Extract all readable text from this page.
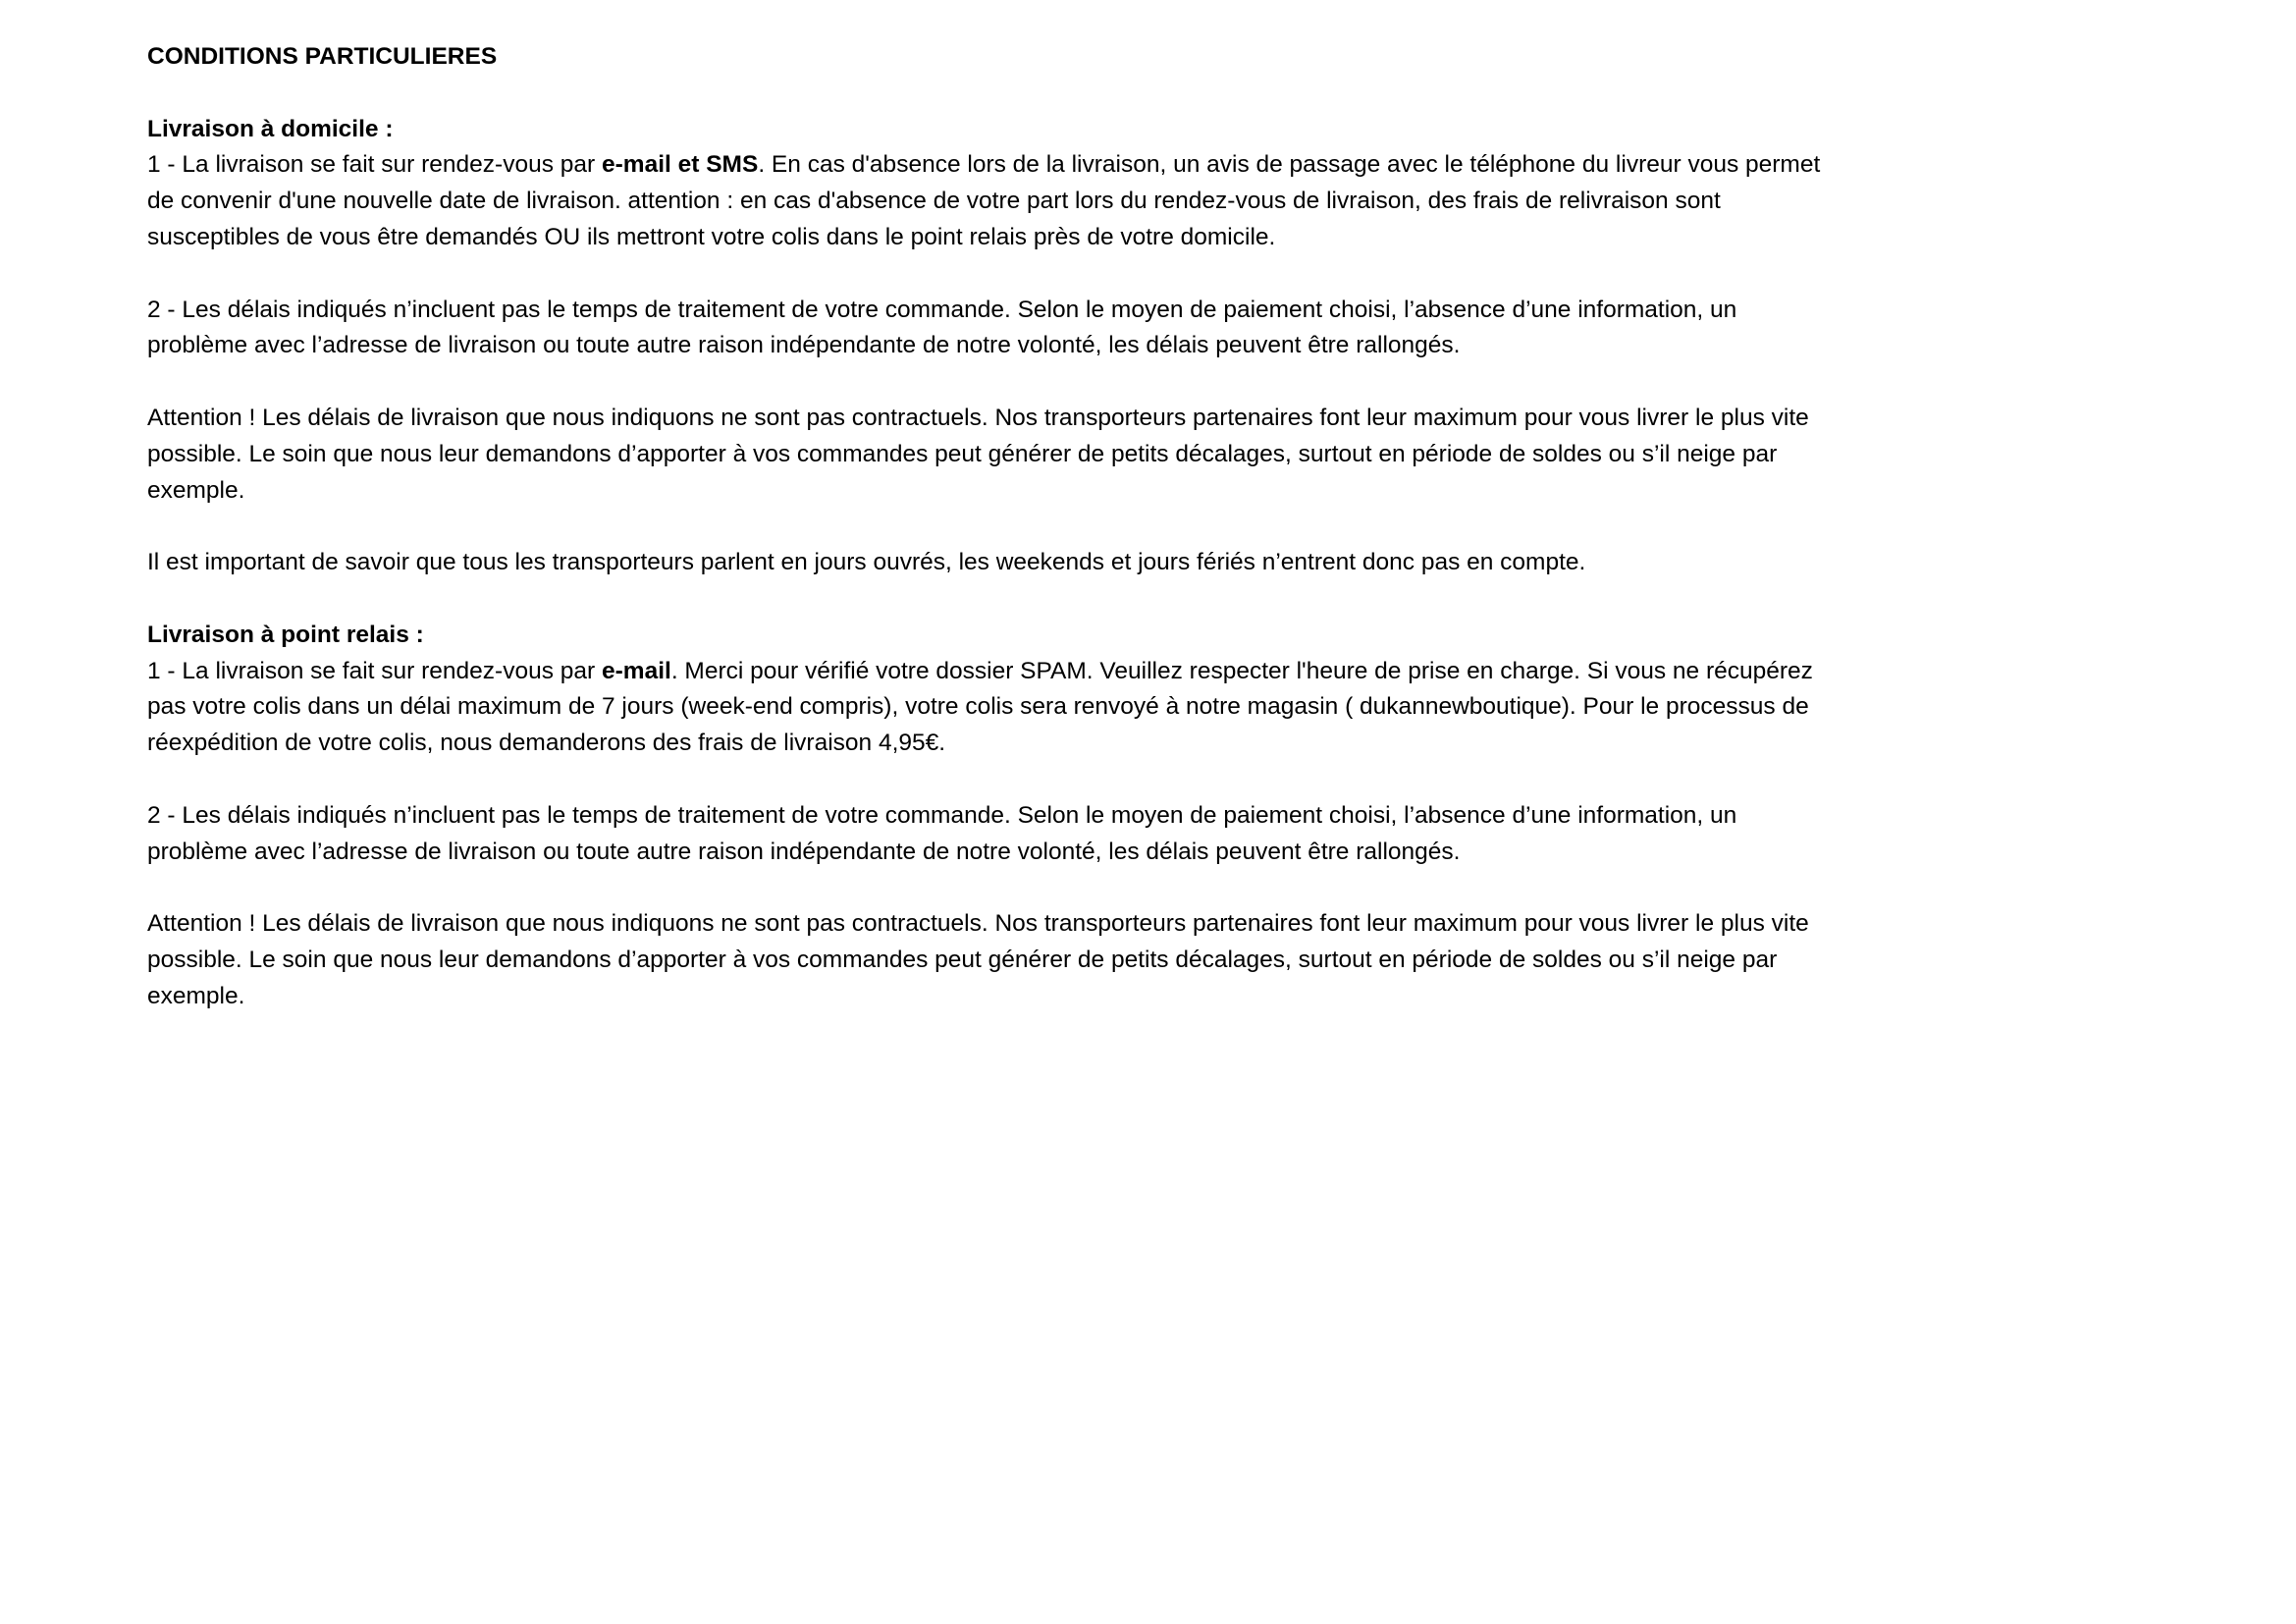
CONDITIONS PARTICULIERES

Livraison à domicile :

1 - La livraison se fait sur rendez-vous par e-mail et SMS. En cas d'absence lors de la livraison, un avis de passage avec le téléphone du livreur vous permet de convenir d'une nouvelle date de livraison. attention : en cas d'absence de votre part lors du rendez-vous de livraison, des frais de relivraison sont susceptibles de vous être demandés OU ils mettront votre colis dans le point relais près de votre domicile.

2 - Les délais indiqués n’incluent pas le temps de traitement de votre commande. Selon le moyen de paiement choisi, l’absence d’une information, un problème avec l’adresse de livraison ou toute autre raison indépendante de notre volonté, les délais peuvent être rallongés.

Attention ! Les délais de livraison que nous indiquons ne sont pas contractuels. Nos transporteurs partenaires font leur maximum pour vous livrer le plus vite possible. Le soin que nous leur demandons d’apporter à vos commandes peut générer de petits décalages, surtout en période de soldes ou s’il neige par exemple.

Il est important de savoir que tous les transporteurs parlent en jours ouvrés, les weekends et jours fériés n’entrent donc pas en compte.

Livraison à point relais :

1 - La livraison se fait sur rendez-vous par e-mail. Merci pour vérifié votre dossier SPAM. Veuillez respecter l'heure de prise en charge. Si vous ne récupérez pas votre colis dans un délai maximum de 7 jours (week-end compris), votre colis sera renvoyé à notre magasin ( dukannewboutique). Pour le processus de réexpédition de votre colis, nous demanderons des frais de livraison 4,95€.

2 - Les délais indiqués n’incluent pas le temps de traitement de votre commande. Selon le moyen de paiement choisi, l’absence d’une information, un problème avec l’adresse de livraison ou toute autre raison indépendante de notre volonté, les délais peuvent être rallongés.

Attention ! Les délais de livraison que nous indiquons ne sont pas contractuels. Nos transporteurs partenaires font leur maximum pour vous livrer le plus vite possible. Le soin que nous leur demandons d’apporter à vos commandes peut générer de petits décalages, surtout en période de soldes ou s’il neige par exemple.
